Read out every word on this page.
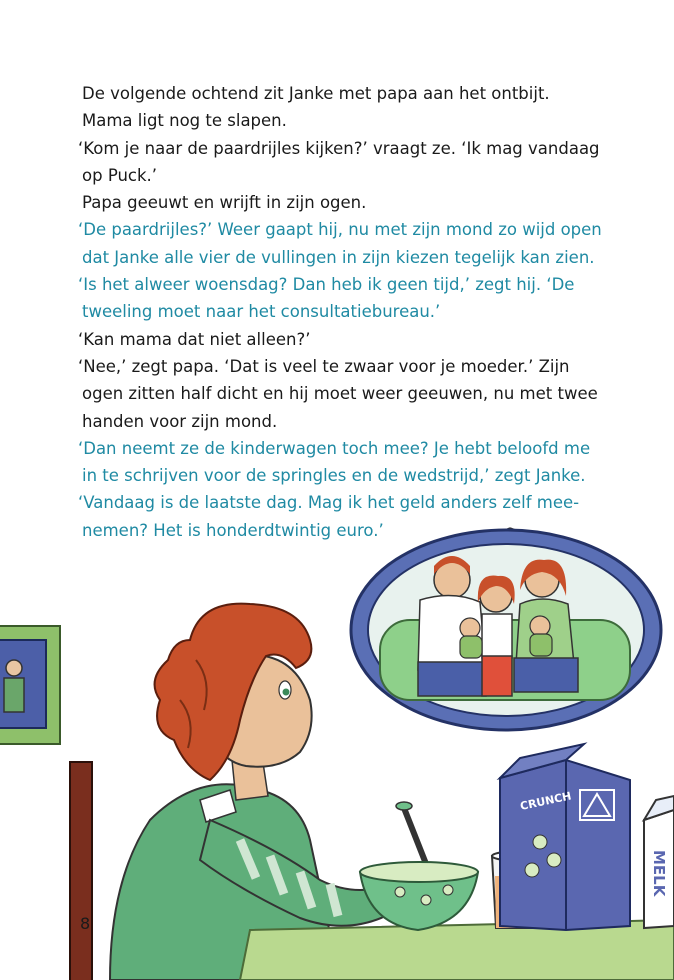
De volgende ochtend zit Janke met papa aan het ontbijt.
Mama ligt nog te slapen.
‘Kom je naar de paardrijles kijken?’ vraagt ze. ‘Ik mag vandaag
op Puck.’
Papa geeuwt en wrijft in zijn ogen.
‘De paardrijles?’ Weer gaapt hij, nu met zijn mond zo wijd open
dat Janke alle vier de vullingen in zijn kiezen tegelijk kan zien.
‘Is het alweer woensdag? Dan heb ik geen tijd,’ zegt hij. ‘De
tweeling moet naar het consultatiebureau.’
‘Kan mama dat niet alleen?’
‘Nee,’ zegt papa. ‘Dat is veel te zwaar voor je moeder.’ Zijn
ogen zitten half dicht en hij moet weer geeuwen, nu met twee
handen voor zijn mond.
‘Dan neemt ze de kinderwagen toch mee? Je hebt beloofd me
in te schrijven voor de springles en de wedstrijd,’ zegt Janke.
‘Vandaag is de laatste dag. Mag ik het geld anders zelf mee-
nemen? Het is honderdtwintig euro.’
CRUNCH
MELK
8
